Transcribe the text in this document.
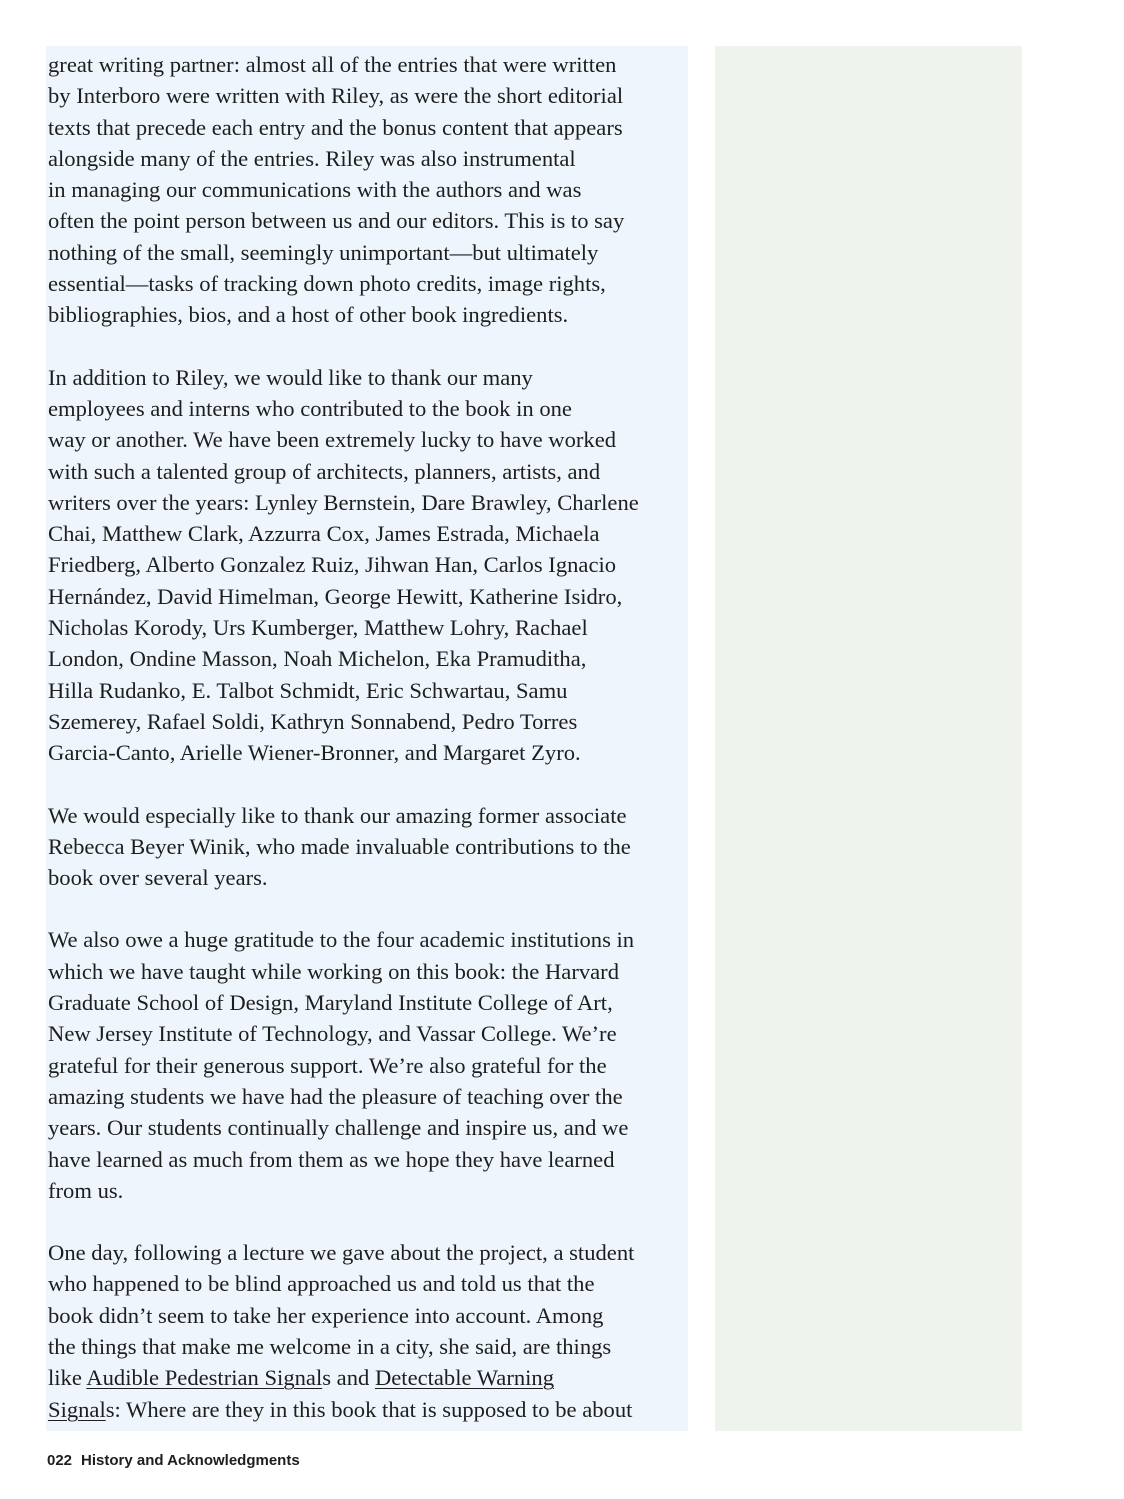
great writing partner: almost all of the entries that were written
by Interboro were written with Riley, as were the short editorial
texts that precede each entry and the bonus content that appears
alongside many of the entries. Riley was also instrumental
in managing our communications with the authors and was
often the point person between us and our editors. This is to say
nothing of the small, seemingly unimportant—but ultimately
essential—tasks of tracking down photo credits, image rights,
bibliographies, bios, and a host of other book ingredients.

In addition to Riley, we would like to thank our many
employees and interns who contributed to the book in one
way or another. We have been extremely lucky to have worked
with such a talented group of architects, planners, artists, and
writers over the years: Lynley Bernstein, Dare Brawley, Charlene
Chai, Matthew Clark, Azzurra Cox, James Estrada, Michaela
Friedberg, Alberto Gonzalez Ruiz, Jihwan Han, Carlos Ignacio
Hernández, David Himelman, George Hewitt, Katherine Isidro,
Nicholas Korody, Urs Kumberger, Matthew Lohry, Rachael
London, Ondine Masson, Noah Michelon, Eka Pramuditha,
Hilla Rudanko, E. Talbot Schmidt, Eric Schwartau, Samu
Szemerey, Rafael Soldi, Kathryn Sonnabend, Pedro Torres
Garcia-Canto, Arielle Wiener-Bronner, and Margaret Zyro.

We would especially like to thank our amazing former associate
Rebecca Beyer Winik, who made invaluable contributions to the
book over several years.

We also owe a huge gratitude to the four academic institutions in
which we have taught while working on this book: the Harvard
Graduate School of Design, Maryland Institute College of Art,
New Jersey Institute of Technology, and Vassar College. We’re
grateful for their generous support. We’re also grateful for the
amazing students we have had the pleasure of teaching over the
years. Our students continually challenge and inspire us, and we
have learned as much from them as we hope they have learned
from us.

One day, following a lecture we gave about the project, a student
who happened to be blind approached us and told us that the
book didn’t seem to take her experience into account. Among
the things that make me welcome in a city, she said, are things

like Audible Pedestrian Signals and Detectable Warning
Signals: Where are they in this book that is supposed to be about

022 History and Acknowledgments
